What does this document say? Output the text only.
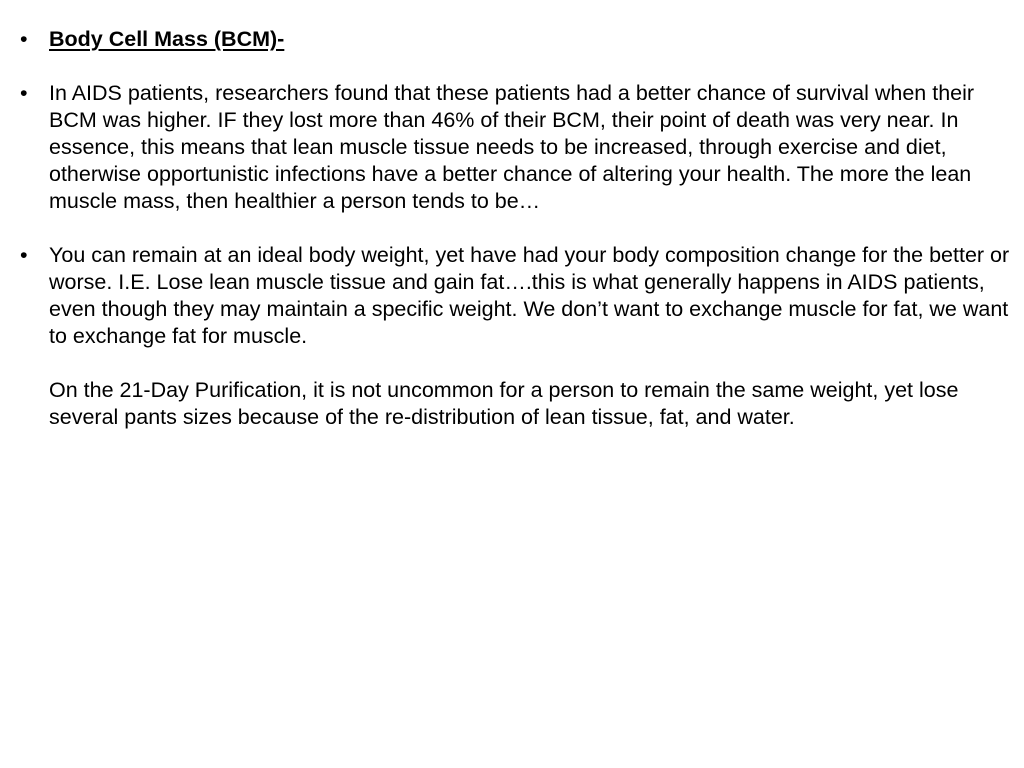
• Body Cell Mass (BCM)-
• In AIDS patients, researchers found that these patients had a better chance of survival when their BCM was higher. IF they lost more than 46% of their BCM, their point of death was very near. In essence, this means that lean muscle tissue needs to be increased, through exercise and diet, otherwise opportunistic infections have a better chance of altering your health. The more the lean muscle mass, then healthier a person tends to be…
• You can remain at an ideal body weight, yet have had your body composition change for the better or worse. I.E. Lose lean muscle tissue and gain fat….this is what generally happens in AIDS patients, even though they may maintain a specific weight. We don’t want to exchange muscle for fat, we want to exchange fat for muscle.
On the 21-Day Purification, it is not uncommon for a person to remain the same weight, yet lose several pants sizes because of the re-distribution of lean tissue, fat, and water.
